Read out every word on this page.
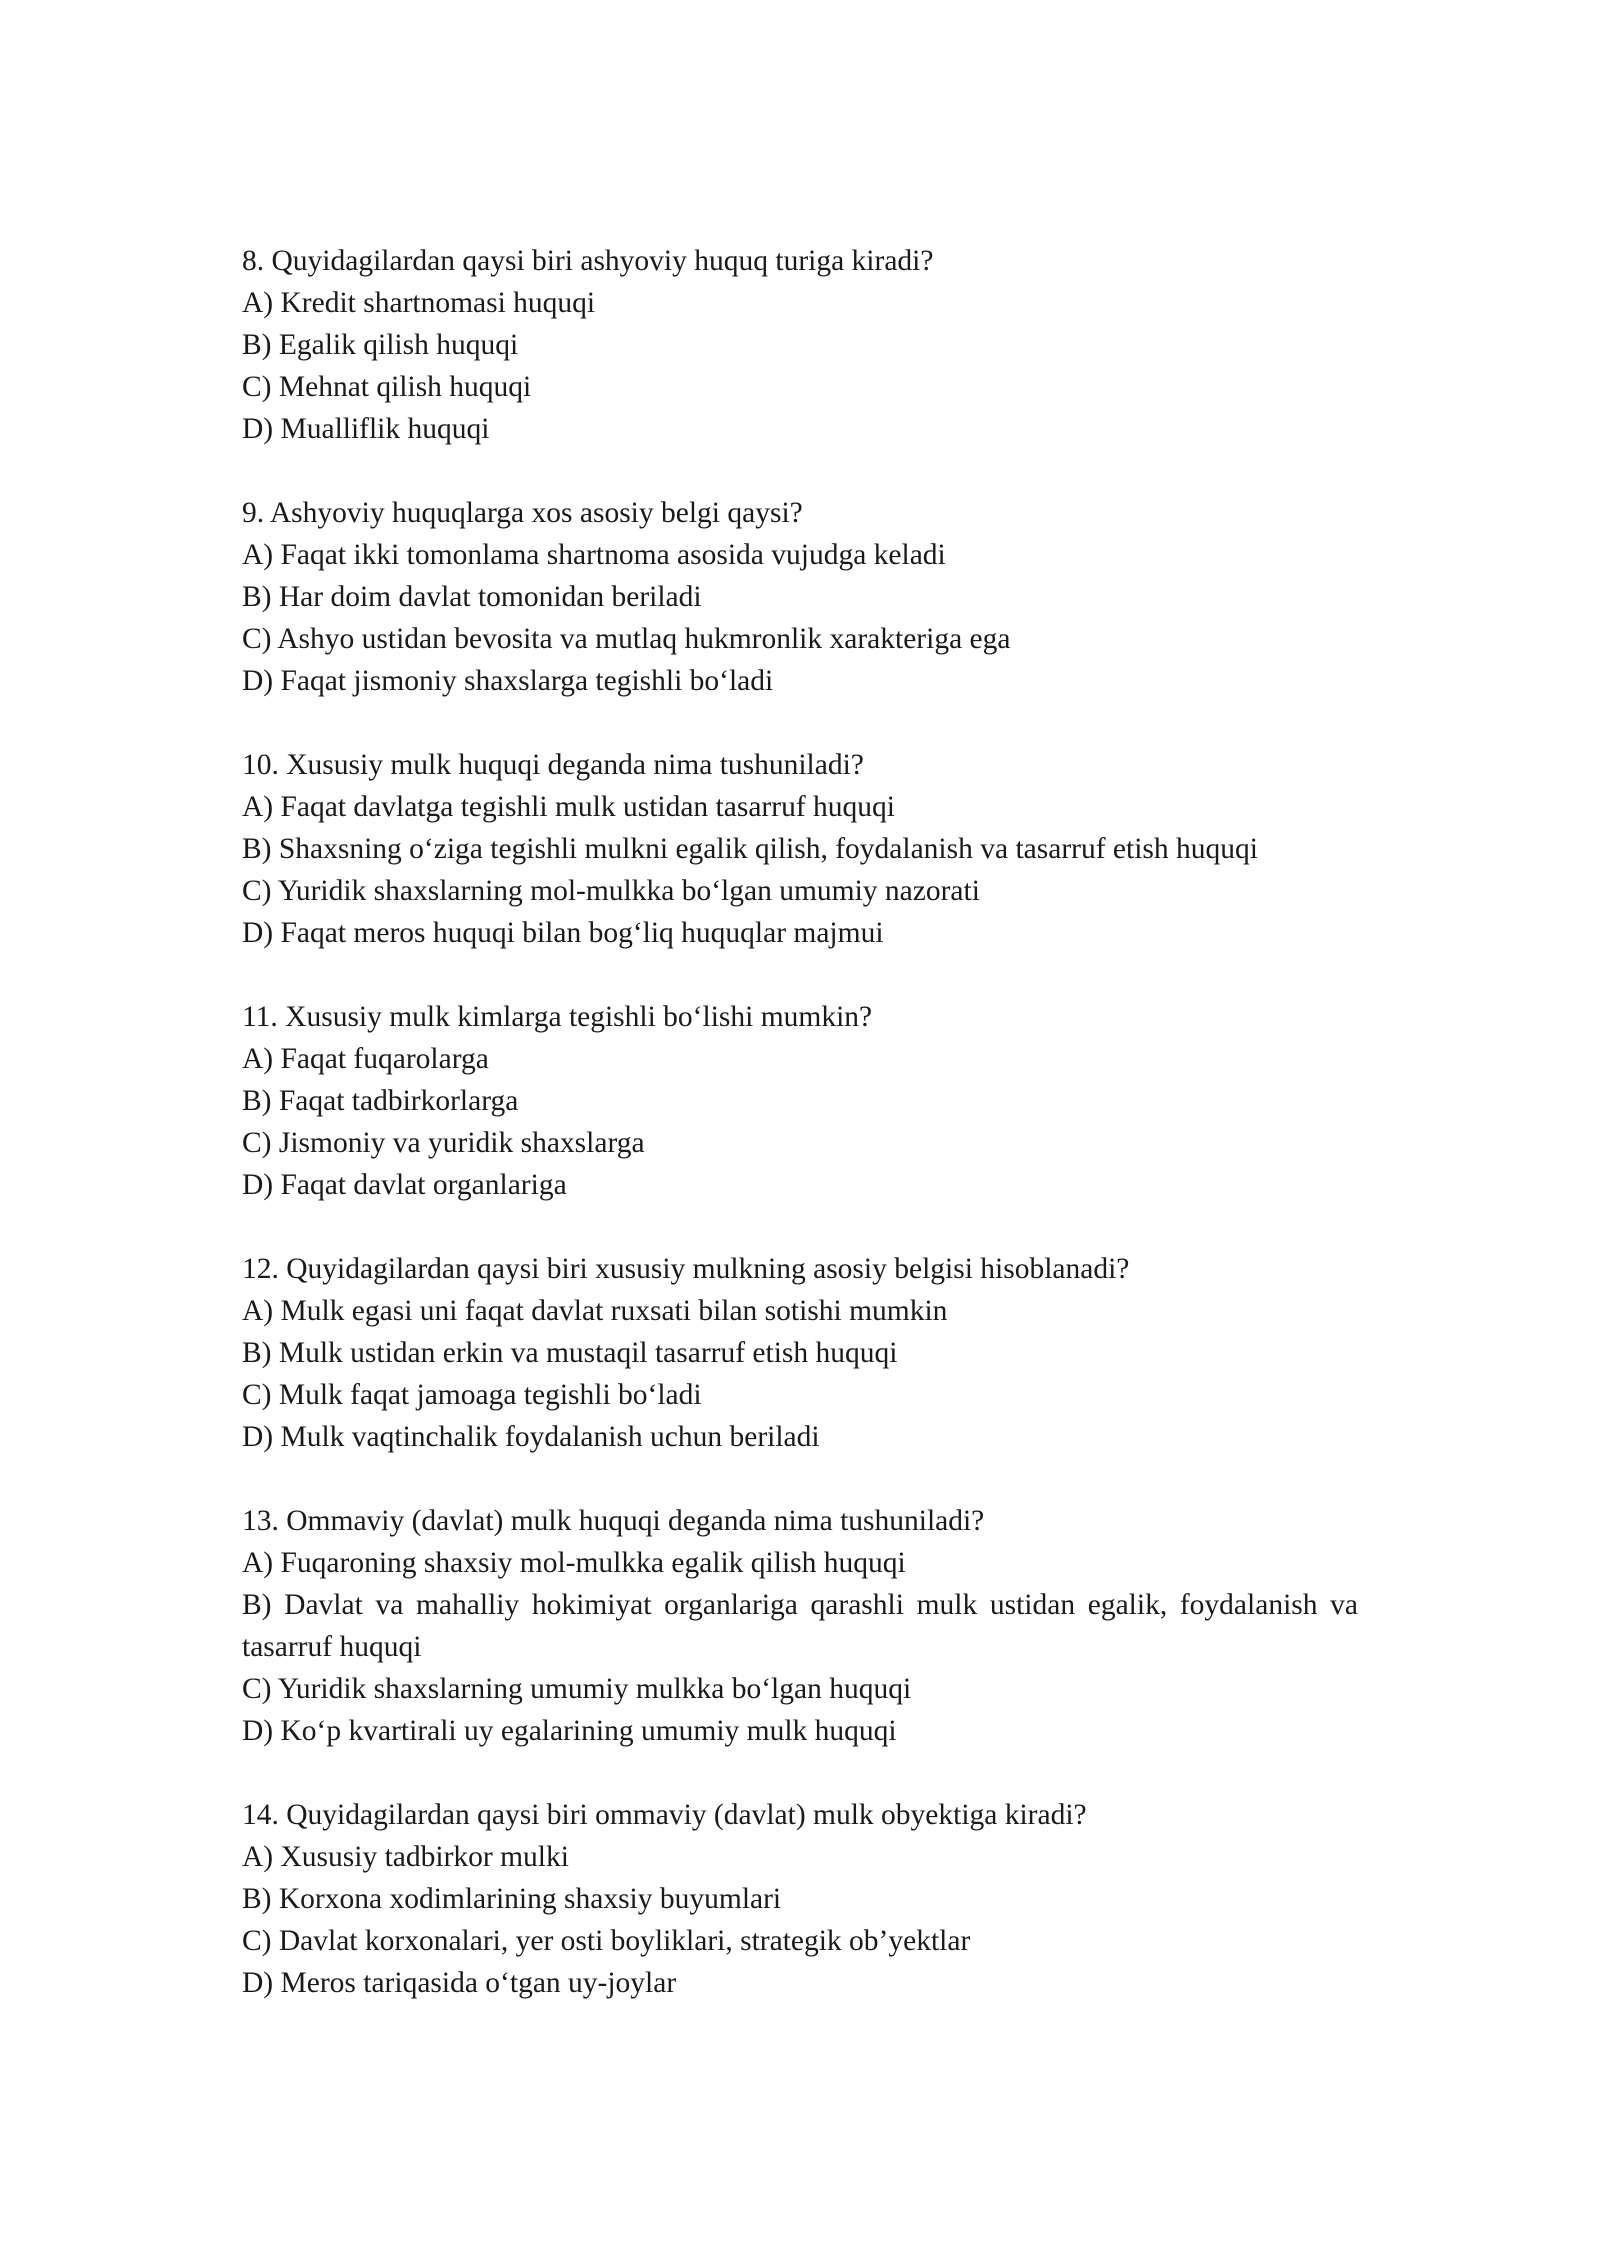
8. Quyidagilardan qaysi biri ashyoviy huquq turiga kiradi?

A) Kredit shartnomasi huquqi

B) Egalik qilish huquqi

C) Mehnat qilish huquqi

D) Mualliflik huquqi

9. Ashyoviy huquqlarga xos asosiy belgi qaysi?

A) Faqat ikki tomonlama shartnoma asosida vujudga keladi

B) Har doim davlat tomonidan beriladi

C) Ashyo ustidan bevosita va mutlaq hukmronlik xarakteriga ega

D) Faqat jismoniy shaxslarga tegishli bo‘ladi

10. Xususiy mulk huquqi deganda nima tushuniladi?

A) Faqat davlatga tegishli mulk ustidan tasarruf huquqi

B) Shaxsning o‘ziga tegishli mulkni egalik qilish, foydalanish va tasarruf etish huquqi

C) Yuridik shaxslarning mol-mulkka bo‘lgan umumiy nazorati

D) Faqat meros huquqi bilan bog‘liq huquqlar majmui

11. Xususiy mulk kimlarga tegishli bo‘lishi mumkin?

A) Faqat fuqarolarga

B) Faqat tadbirkorlarga

C) Jismoniy va yuridik shaxslarga

D) Faqat davlat organlariga

12. Quyidagilardan qaysi biri xususiy mulkning asosiy belgisi hisoblanadi?

A) Mulk egasi uni faqat davlat ruxsati bilan sotishi mumkin

B) Mulk ustidan erkin va mustaqil tasarruf etish huquqi

C) Mulk faqat jamoaga tegishli bo‘ladi

D) Mulk vaqtinchalik foydalanish uchun beriladi

13. Ommaviy (davlat) mulk huquqi deganda nima tushuniladi?

A) Fuqaroning shaxsiy mol-mulkka egalik qilish huquqi

B) Davlat va mahalliy hokimiyat organlariga qarashli mulk ustidan egalik, foydalanish va tasarruf huquqi

C) Yuridik shaxslarning umumiy mulkka bo‘lgan huquqi

D) Ko‘p kvartirali uy egalarining umumiy mulk huquqi

14. Quyidagilardan qaysi biri ommaviy (davlat) mulk obyektiga kiradi?

A) Xususiy tadbirkor mulki

B) Korxona xodimlarining shaxsiy buyumlari

C) Davlat korxonalari, yer osti boyliklari, strategik ob’yektlar

D) Meros tariqasida o‘tgan uy-joylar
